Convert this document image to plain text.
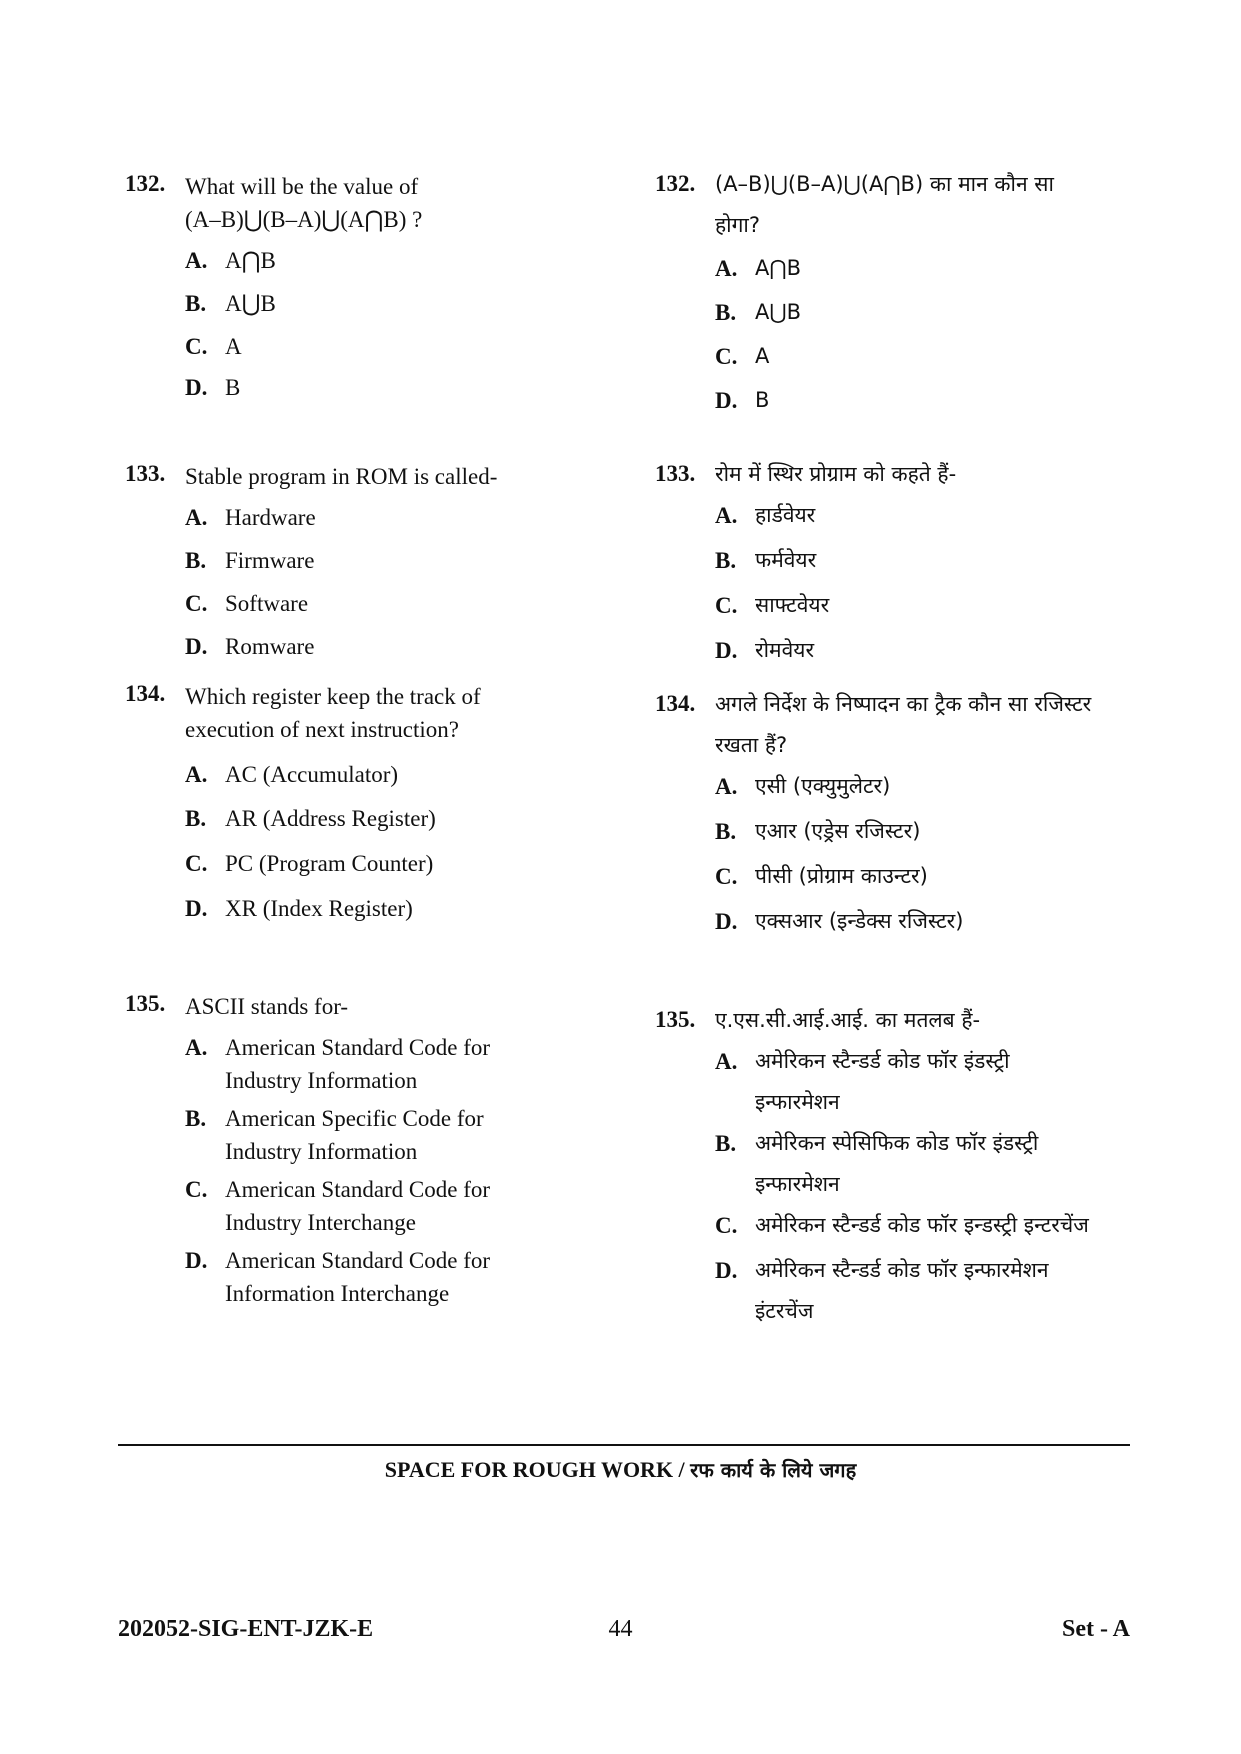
132. What will be the value of
(A–B)⋃(B–A)⋃(A⋂B) ?
A. A⋂B
B. A⋃B
C. A
D. B
133. Stable program in ROM is called-
A. Hardware
B. Firmware
C. Software
D. Romware
134. Which register keep the track of
execution of next instruction?
A. AC (Accumulator)
B. AR (Address Register)
C. PC (Program Counter)
D. XR (Index Register)
135. ASCII stands for-
A. American Standard Code for
Industry Information
B. American Specific Code for
Industry Information
C. American Standard Code for
Industry Interchange
D. American Standard Code for
Information Interchange
132. (A–B)⋃(B–A)⋃(A⋂B) का मान कौन सा
होगा?
A. A⋂B
B. A⋃B
C. A
D. B
133. रोम में स्थिर प्रोग्राम को कहते हैं-
A. हार्डवेयर
B. फर्मवेयर
C. साफ्टवेयर
D. रोमवेयर
134. अगले निर्देश के निष्पादन का ट्रैक कौन सा रजिस्टर
रखता हैं?
A. एसी (एक्युमुलेटर)
B. एआर (एड्रेस रजिस्टर)
C. पीसी (प्रोग्राम काउन्टर)
D. एक्सआर (इन्डेक्स रजिस्टर)
135. ए.एस.सी.आई.आई. का मतलब हैं-
A. अमेरिकन स्टैन्डर्ड कोड फॉर इंडस्ट्री
इन्फारमेशन
B. अमेरिकन स्पेसिफिक कोड फॉर इंडस्ट्री
इन्फारमेशन
C. अमेरिकन स्टैन्डर्ड कोड फॉर इन्डस्ट्री इन्टरचेंज
D. अमेरिकन स्टैन्डर्ड कोड फॉर इन्फारमेशन
इंटरचेंज
SPACE FOR ROUGH WORK / रफ कार्य के लिये जगह
202052-SIG-ENT-JZK-E	44	Set - A
